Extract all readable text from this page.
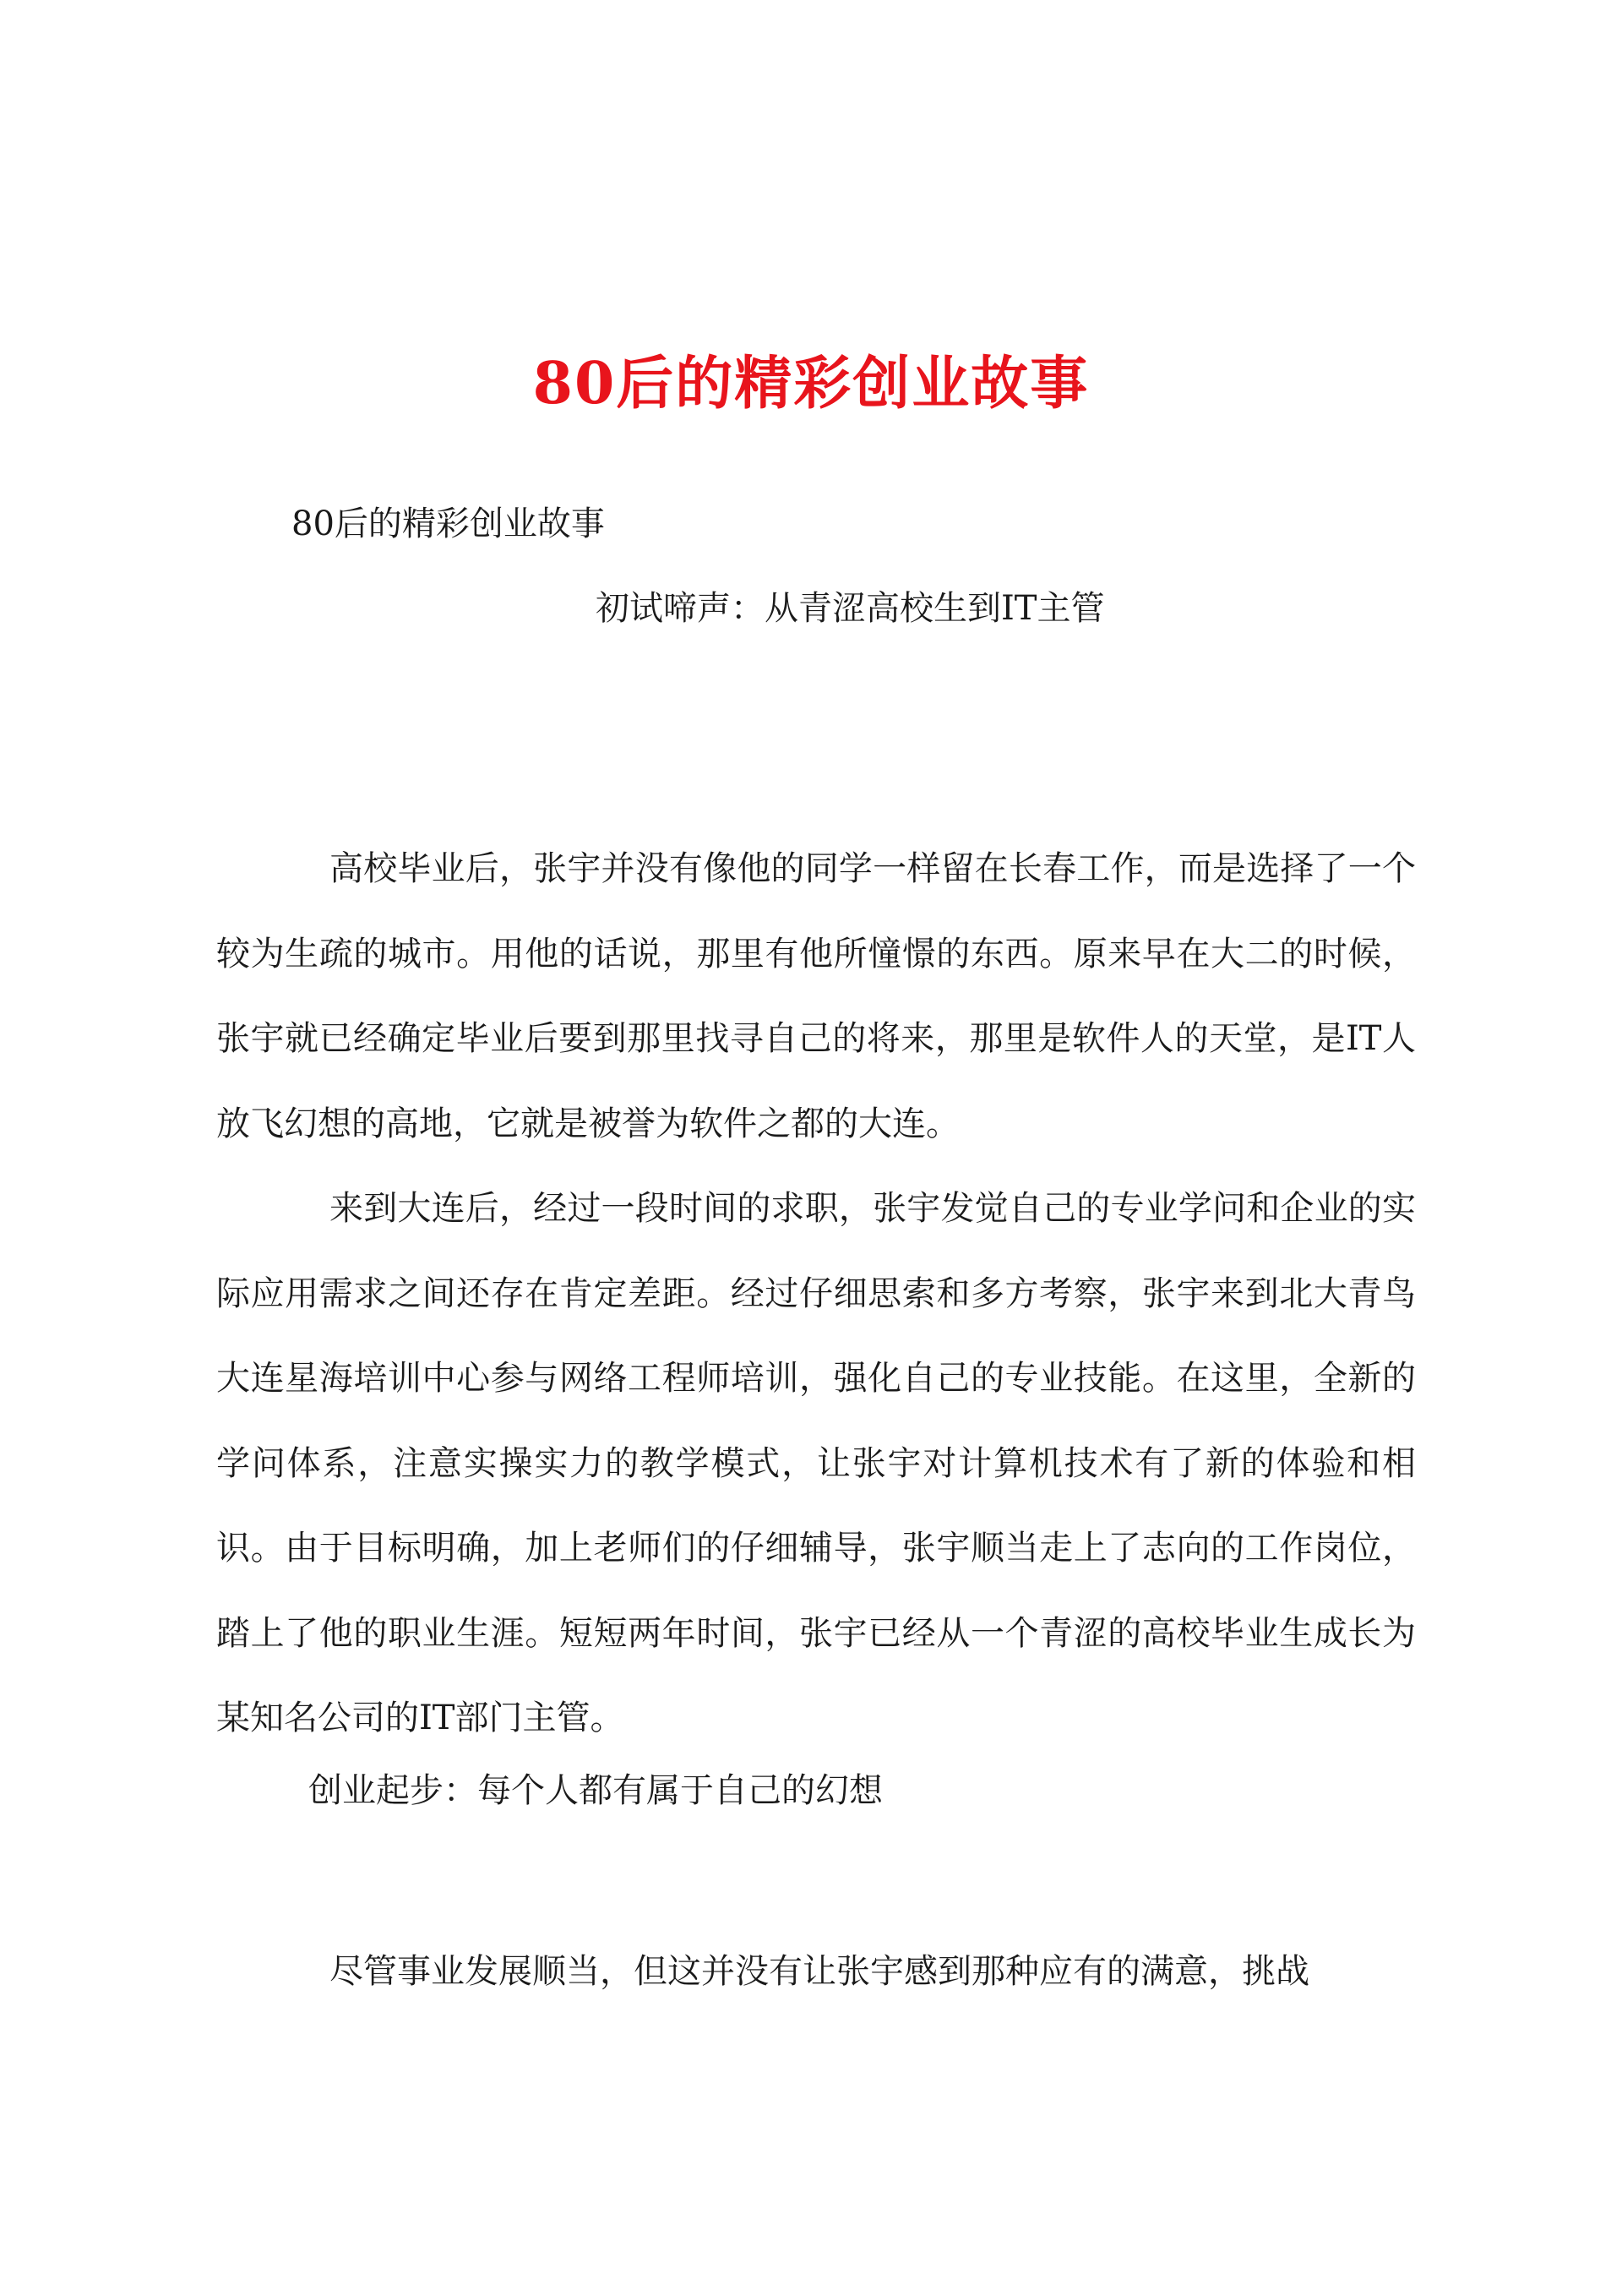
80后的精彩创业故事
80后的精彩创业故事
初试啼声：从青涩高校生到IT主管

高校毕业后，张宇并没有像他的同学一样留在长春工作，而是选择了一个较为生疏的城市。用他的话说，那里有他所憧憬的东西。原来早在大二的时候，张宇就已经确定毕业后要到那里找寻自己的将来，那里是软件人的天堂，是IT人放飞幻想的高地，它就是被誉为软件之都的大连。

来到大连后，经过一段时间的求职，张宇发觉自己的专业学问和企业的实际应用需求之间还存在肯定差距。经过仔细思索和多方考察，张宇来到北大青鸟大连星海培训中心参与网络工程师培训，强化自己的专业技能。在这里，全新的学问体系，注意实操实力的教学模式，让张宇对计算机技术有了新的体验和相识。由于目标明确，加上老师们的仔细辅导，张宇顺当走上了志向的工作岗位，踏上了他的职业生涯。短短两年时间，张宇已经从一个青涩的高校毕业生成长为某知名公司的IT部门主管。

创业起步：每个人都有属于自己的幻想

尽管事业发展顺当，但这并没有让张宇感到那种应有的满意，挑战
